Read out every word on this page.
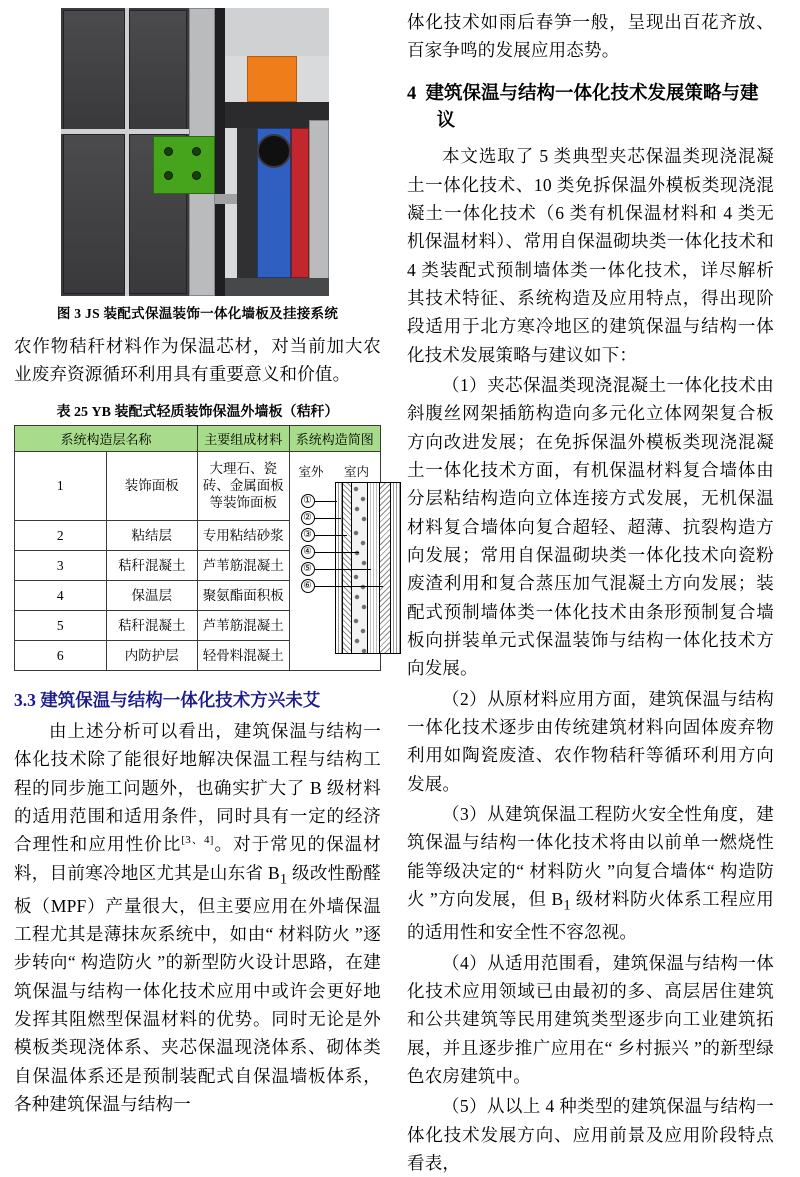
图 3 JS 装配式保温装饰一体化墙板及挂接系统

农作物秸秆材料作为保温芯材，对当前加大农业废弃资源循环利用具有重要意义和价值。

表 25 YB 装配式轻质装饰保温外墙板（秸秆）
系统构造层名称		主要组成材料	系统构造简图
1	装饰面板	大理石、瓷砖、金属面板等装饰面板	
室外 室内
①
②
③
④
⑤
⑥

2	粘结层	专用粘结砂浆	
3	秸秆混凝土	芦苇筋混凝土	
4	保温层	聚氨酯面积板	
5	秸秆混凝土	芦苇筋混凝土	
6	内防护层	轻骨料混凝土	
3.3 建筑保温与结构一体化技术方兴未艾

由上述分析可以看出，建筑保温与结构一体化技术除了能很好地解决保温工程与结构工程的同步施工问题外，也确实扩大了 B 级材料的适用范围和适用条件，同时具有一定的经济合理性和应用性价比[3、4]。对于常见的保温材料，目前寒冷地区尤其是山东省 $B_1$ 级改性酚醛板（MPF）产量很大，但主要应用在外墙保温工程尤其是薄抹灰系统中，如由“ 材料防火 ”逐步转向“ 构造防火 ”的新型防火设计思路，在建筑保温与结构一体化技术应用中或许会更好地发挥其阻燃型保温材料的优势。同时无论是外模板类现浇体系、夹芯保温现浇体系、砌体类自保温体系还是预制装配式自保温墙板体系，各种建筑保温与结构一

体化技术如雨后春笋一般，呈现出百花齐放、百家争鸣的发展应用态势。

4 建筑保温与结构一体化技术发展策略与建议

本文选取了 5 类典型夹芯保温类现浇混凝土一体化技术、10 类免拆保温外模板类现浇混凝土一体化技术（6 类有机保温材料和 4 类无机保温材料）、常用自保温砌块类一体化技术和 4 类装配式预制墙体类一体化技术，详尽解析其技术特征、系统构造及应用特点，得出现阶段适用于北方寒冷地区的建筑保温与结构一体化技术发展策略与建议如下：

（1）夹芯保温类现浇混凝土一体化技术由斜腹丝网架插筋构造向多元化立体网架复合板方向改进发展；在免拆保温外模板类现浇混凝土一体化技术方面，有机保温材料复合墙体由分层粘结构造向立体连接方式发展，无机保温材料复合墙体向复合超轻、超薄、抗裂构造方向发展；常用自保温砌块类一体化技术向瓷粉废渣利用和复合蒸压加气混凝土方向发展；装配式预制墙体类一体化技术由条形预制复合墙板向拼装单元式保温装饰与结构一体化技术方向发展。

（2）从原材料应用方面，建筑保温与结构一体化技术逐步由传统建筑材料向固体废弃物利用如陶瓷废渣、农作物秸秆等循环利用方向发展。

（3）从建筑保温工程防火安全性角度，建筑保温与结构一体化技术将由以前单一燃烧性能等级决定的“ 材料防火 ”向复合墙体“ 构造防火 ”方向发展，但 $B_1$ 级材料防火体系工程应用的适用性和安全性不容忽视。

（4）从适用范围看，建筑保温与结构一体化技术应用领域已由最初的多、高层居住建筑和公共建筑等民用建筑类型逐步向工业建筑拓展，并且逐步推广应用在“ 乡村振兴 ”的新型绿色农房建筑中。

（5）从以上 4 种类型的建筑保温与结构一体化技术发展方向、应用前景及应用阶段特点看表，
